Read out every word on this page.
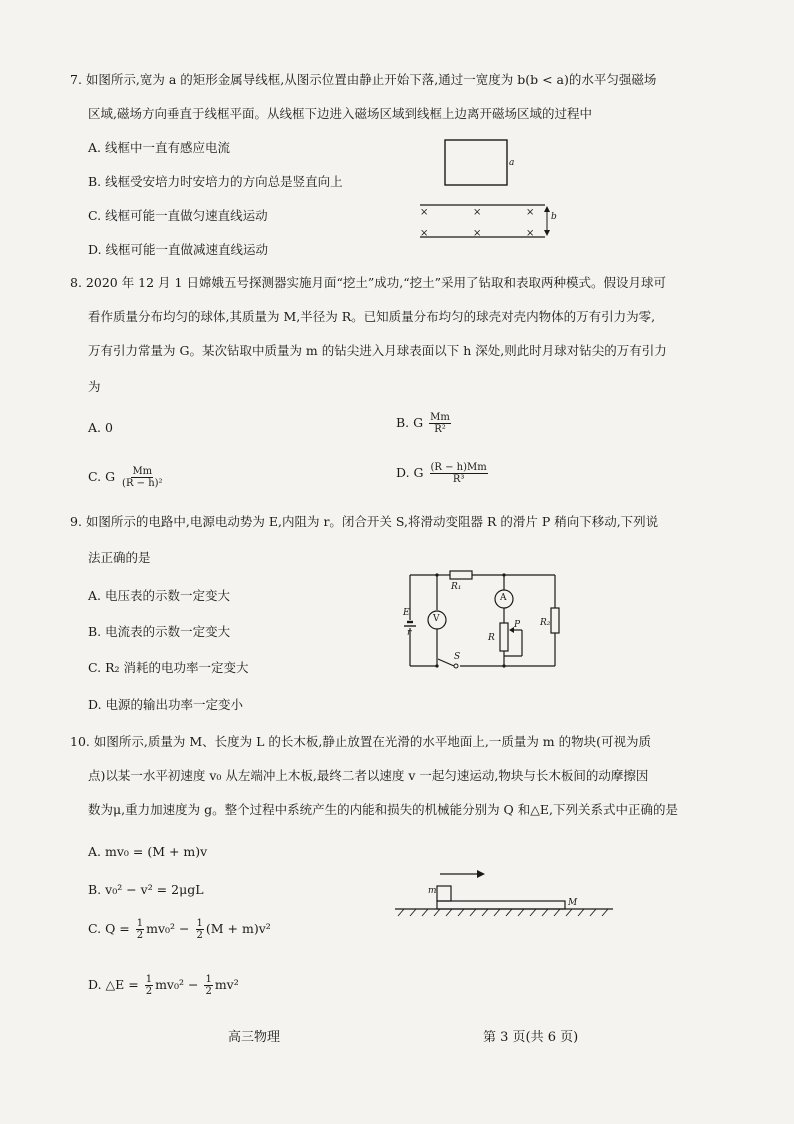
7. 如图所示,宽为 a 的矩形金属导线框,从图示位置由静止开始下落,通过一宽度为 b(b < a)的水平匀强磁场
区域,磁场方向垂直于线框平面。从线框下边进入磁场区域到线框上边离开磁场区域的过程中
A. 线框中一直有感应电流
B. 线框受安培力时安培力的方向总是竖直向上
C. 线框可能一直做匀速直线运动
D. 线框可能一直做减速直线运动
×	×	×
×	×	×
a
b
8. 2020 年 12 月 1 日嫦娥五号探测器实施月面“挖土”成功,“挖土”采用了钻取和表取两种模式。假设月球可
看作质量分布均匀的球体,其质量为 M,半径为 R。已知质量分布均匀的球壳对壳内物体的万有引力为零,
万有引力常量为 G。某次钻取中质量为 m 的钻尖进入月球表面以下 h 深处,则此时月球对钻尖的万有引力
为
A. 0	B. G $\frac{Mm}{\text{R²}}$
C. G $\frac{Mm}{\text{(R − h)²}}$	D. G $\frac{(R - h)Mm}{\text{R³}}$
9. 如图所示的电路中,电源电动势为 E,内阻为 r。闭合开关 S,将滑动变阻器 R 的滑片 P 稍向下移动,下列说
法正确的是
A. 电压表的示数一定变大
B. 电流表的示数一定变大
C. R₂ 消耗的电功率一定变大
D. 电源的输出功率一定变小
R₁
A
E
V
r	R
P R₂
S
10. 如图所示,质量为 M、长度为 L 的长木板,静止放置在光滑的水平地面上,一质量为 m 的物块(可视为质
点)以某一水平初速度 v₀ 从左端冲上木板,最终二者以速度 v 一起匀速运动,物块与长木板间的动摩擦因
数为μ,重力加速度为 g。整个过程中系统产生的内能和损失的机械能分别为 Q 和△E,下列关系式中正确的是
A. mv₀ = (M + m)v
B. v₀² − v² = 2μgL
C. $Q = \frac{1}{2} mv_0^2 - \frac{1}{2} (M + m)v^2$
D. △E = $\frac{1}{2} mv_0^2 - \frac{1}{2} mv^2$
m
M
高三物理	第 3 页(共 6 页)
